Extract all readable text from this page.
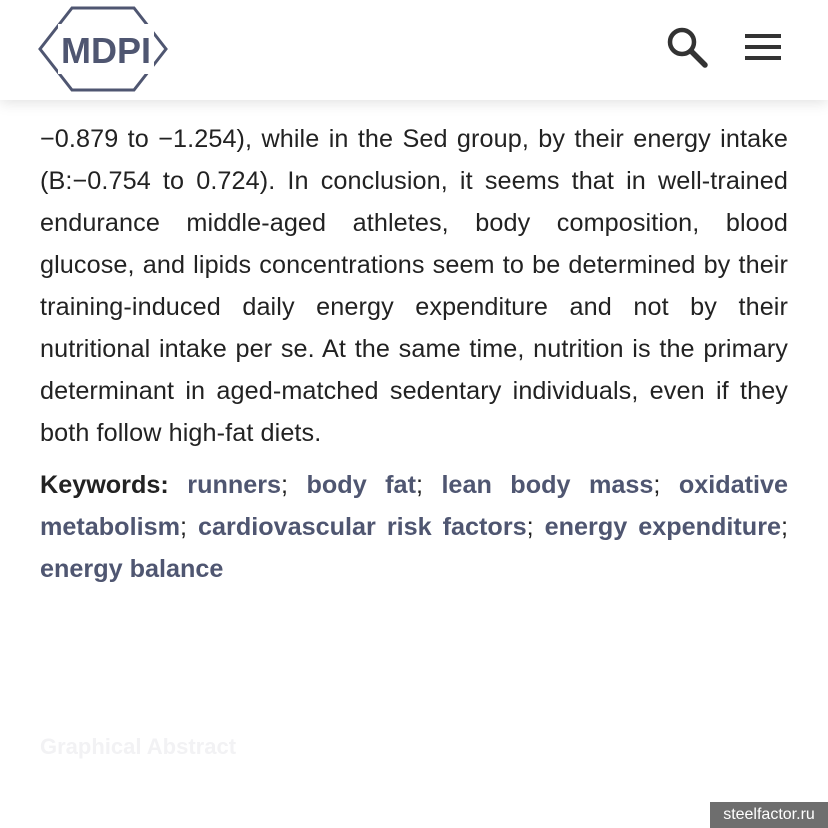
MDPI

−0.879 to −1.254), while in the Sed group, by their energy intake (B:−0.754 to 0.724). In conclusion, it seems that in well-trained endurance middle-aged athletes, body composition, blood glucose, and lipids concentrations seem to be determined by their training-induced daily energy expenditure and not by their nutritional intake per se. At the same time, nutrition is the primary determinant in aged-matched sedentary individuals, even if they both follow high-fat diets.

Keywords: runners; body fat; lean body mass; oxidative metabolism; cardiovascular risk factors; energy expenditure; energy balance

Graphical Abstract
steelfactor.ru
